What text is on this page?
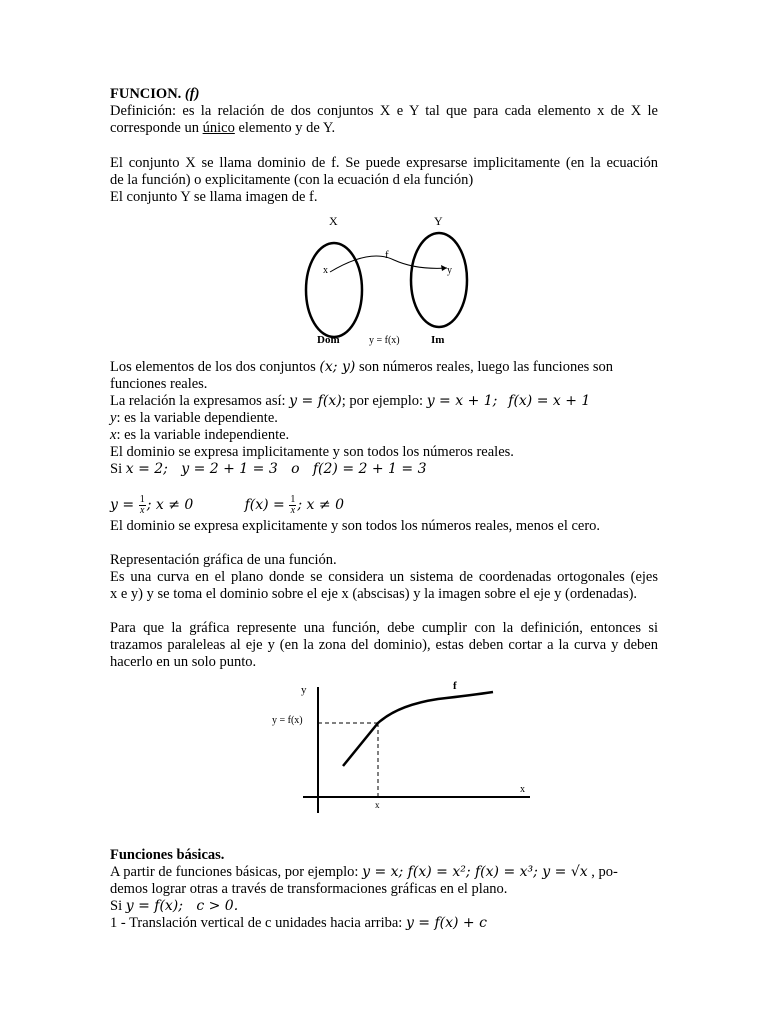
FUNCION. (f)
Definición: es la relación de dos conjuntos X e Y tal que para cada elemento x de X le
corresponde un único elemento y de Y.
El conjunto X se llama dominio de f. Se puede expresarse implicitamente (en la ecuación
de la función) o explicitamente (con la ecuación d ela función)
El conjunto Y se llama imagen de f.
X	Y
f
x	y
Dom	y = f(x)	Im
Los elementos de los dos conjuntos (x; y) son números reales, luego las funciones son
funciones reales.
La relación la expresamos así: y = f(x); por ejemplo: y = x + 1; f(x) = x + 1
y: es la variable dependiente.
x: es la variable independiente.
El dominio se expresa implicitamente y son todos los números reales.
Si x = 2;   y = 2 + 1 = 3   o   f(2) = 2 + 1 = 3
$y = \frac{1}{x}$ ; x ≠ 0	$f(x) = \frac{1}{x}$ ; x ≠ 0
El dominio se expresa explicitamente y son todos los números reales, menos el cero.
Representación gráfica de una función.
Es una curva en el plano donde se considera un sistema de coordenadas ortogonales (ejes
x e y) y se toma el dominio sobre el eje x (abscisas) y la imagen sobre el eje y (ordenadas).
Para que la gráfica represente una función, debe cumplir con la definición, entonces si
trazamos paraleleas al eje y (en la zona del dominio), estas deben cortar a la curva y deben
hacerlo en un solo punto.
y
x
f
y = f(x)
x
Funciones básicas.
A partir de funciones básicas, por ejemplo: y = x; f(x) = x²; f(x) = x³; y = √x , po-
demos lograr otras a través de transformaciones gráficas en el plano.
Si y = f(x);   c > 0.
1 - Translación vertical de c unidades hacia arriba: y = f(x) + c
